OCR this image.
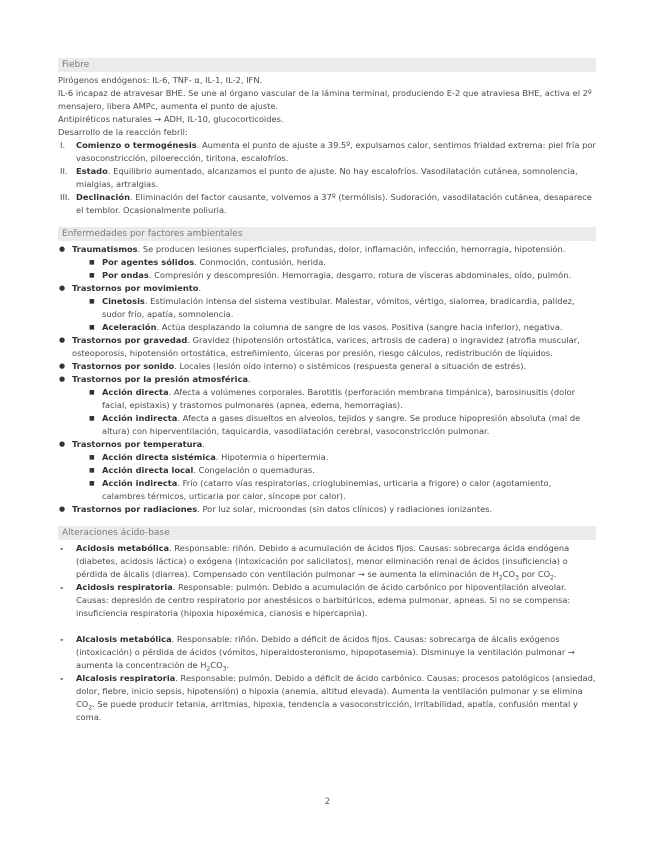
Fiebre

Pirógenos endógenos: IL-6, TNF- α, IL-1, IL-2, IFN.

IL-6 incapaz de atravesar BHE. Se une al órgano vascular de la lámina terminal, produciendo E-2 que atraviesa BHE, activa el 2º mensajero, libera AMPc, aumenta el punto de ajuste.

Antipiréticos naturales → ADH, IL-10, glucocorticoides.

Desarrollo de la reacción febril:

I. Comienzo o termogénesis. Aumenta el punto de ajuste a 39.5º, expulsamos calor, sentimos frialdad extrema: piel fría por vasoconstricción, piloerección, tiritona, escalofríos.
II. Estado. Equilibrio aumentado, alcanzamos el punto de ajuste. No hay escalofríos. Vasodilatación cutánea, somnolencia, mialgias, artralgias.
III. Declinación. Eliminación del factor causante, volvemos a 37º (termólisis). Sudoración, vasodilatación cutánea, desaparece el temblor. Ocasionalmente poliuria.
Enfermedades por factores ambientales
● Traumatismos. Se producen lesiones superficiales, profundas, dolor, inflamación, infección, hemorragia, hipotensión.
■ Por agentes sólidos. Conmoción, contusión, herida.
■ Por ondas. Compresión y descompresión. Hemorragia, desgarro, rotura de vísceras abdominales, oído, pulmón.
● Trastornos por movimiento.
■ Cinetosis. Estimulación intensa del sistema vestibular. Malestar, vómitos, vértigo, sialorrea, bradicardia, palidez, sudor frío, apatía, somnolencia.
■ Aceleración. Actúa desplazando la columna de sangre de los vasos. Positiva (sangre hacia inferior), negativa.
● Trastornos por gravedad. Gravidez (hipotensión ortostática, varices, artrosis de cadera) o ingravidez (atrofia muscular, osteoporosis, hipotensión ortostática, estreñimiento, úlceras por presión, riesgo cálculos, redistribución de líquidos.
● Trastornos por sonido. Locales (lesión oído interno) o sistémicos (respuesta general a situación de estrés).
● Trastornos por la presión atmosférica.
■ Acción directa. Afecta a volúmenes corporales. Barotitis (perforación membrana timpánica), barosinusitis (dolor facial, epistaxis) y trastornos pulmonares (apnea, edema, hemorragias).
■ Acción indirecta. Afecta a gases disueltos en alveolos, tejidos y sangre. Se produce hipopresión absoluta (mal de altura) con hiperventilación, taquicardia, vasodilatación cerebral, vasoconstricción pulmonar.
● Trastornos por temperatura.
■ Acción directa sistémica. Hipotermia o hipertermia.
■ Acción directa local. Congelación o quemaduras.
■ Acción indirecta. Frío (catarro vías respiratorias, crioglubinemias, urticaria a frigore) o calor (agotamiento, calambres térmicos, urticaria por calor, síncope por calor).
● Trastornos por radiaciones. Por luz solar, microondas (sin datos clínicos) y radiaciones ionizantes.
Alteraciones ácido-base
- Acidosis metabólica. Responsable: riñón. Debido a acumulación de ácidos fijos. Causas: sobrecarga ácida endógena (diabetes, acidosis láctica) o exógena (intoxicación por salicilatos), menor eliminación renal de ácidos (insuficiencia) o pérdida de álcalis (diarrea). Compensado con ventilación pulmonar → se aumenta la eliminación de $H_2CO_3$ por $CO_2$.
- Acidosis respiratoria. Responsable: pulmón. Debido a acumulación de ácido carbónico por hipoventilación alveolar. Causas: depresión de centro respiratorio por anestésicos o barbitúricos, edema pulmonar, apneas. Si no se compensa: insuficiencia respiratoria (hipoxia hipoxémica, cianosis e hipercapnia).
- Alcalosis metabólica. Responsable: riñón. Debido a déficit de ácidos fijos. Causas: sobrecarga de álcalis exógenos (intoxicación) o pérdida de ácidos (vómitos, hiperaldosteronismo, hipopotasemia). Disminuye la ventilación pulmonar → aumenta la concentración de $H_2CO_3$.
- Alcalosis respiratoria. Responsable: pulmón. Debido a déficit de ácido carbónico. Causas: procesos patológicos (ansiedad, dolor, fiebre, inicio sepsis, hipotensión) o hipoxia (anemia, altitud elevada). Aumenta la ventilación pulmonar y se elimina $CO_2$. Se puede producir tetania, arritmias, hipoxia, tendencia a vasoconstricción, irritabilidad, apatía, confusión mental y coma.
2
